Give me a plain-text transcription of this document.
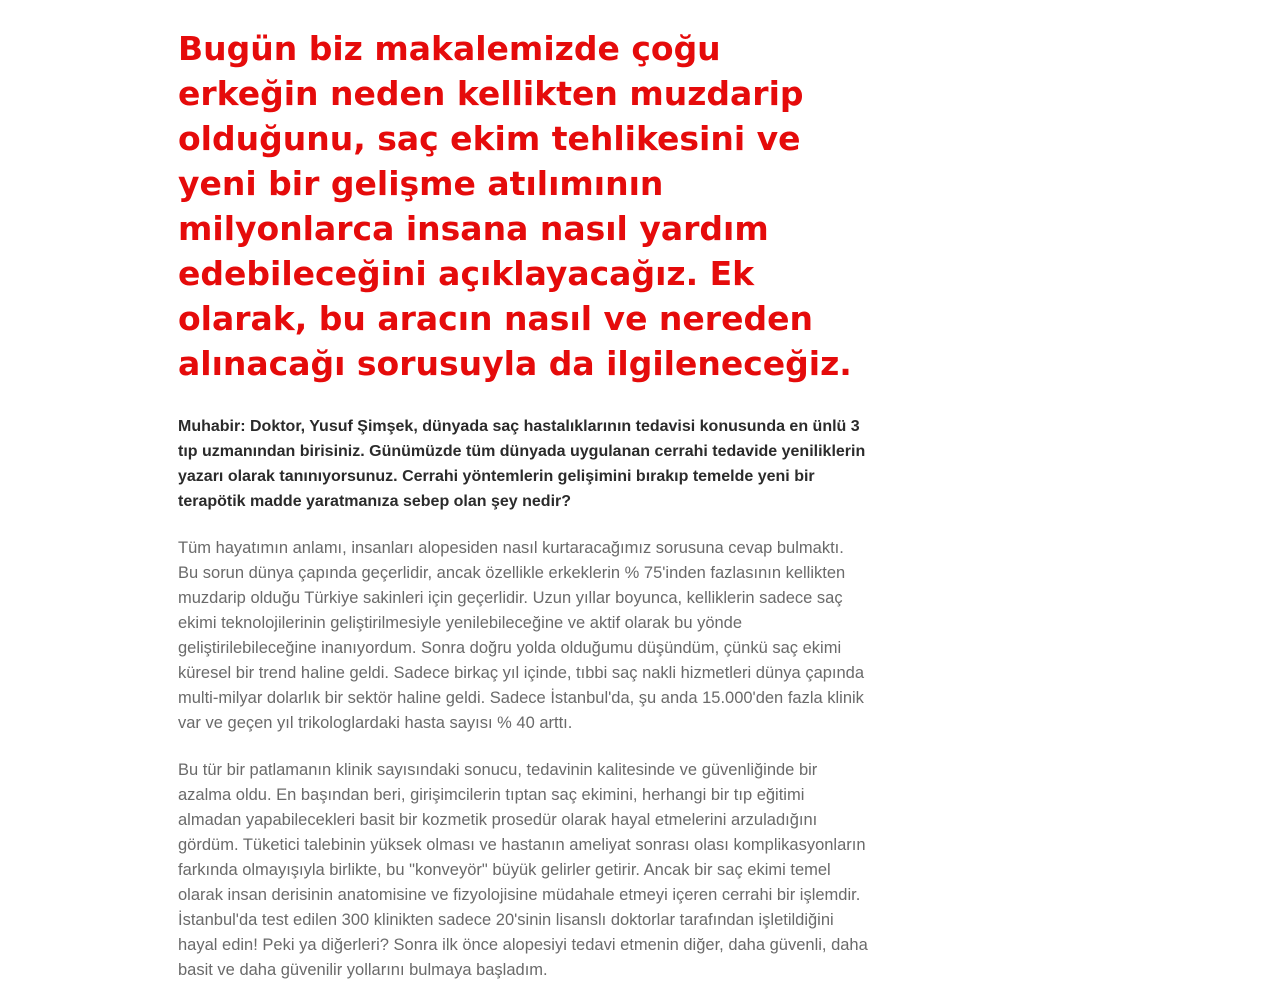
Bugün biz makalemizde çoğu erkeğin neden kellikten muzdarip olduğunu, saç ekim tehlikesini ve yeni bir gelişme atılımının milyonlarca insana nasıl yardım edebileceğini açıklayacağız. Ek olarak, bu aracın nasıl ve nereden alınacağı sorusuyla da ilgileneceğiz.

Muhabir: Doktor, Yusuf Şimşek, dünyada saç hastalıklarının tedavisi konusunda en ünlü 3 tıp uzmanından birisiniz. Günümüzde tüm dünyada uygulanan cerrahi tedavide yeniliklerin yazarı olarak tanınıyorsunuz. Cerrahi yöntemlerin gelişimini bırakıp temelde yeni bir terapötik madde yaratmanıza sebep olan şey nedir?

Tüm hayatımın anlamı, insanları alopesiden nasıl kurtaracağımız sorusuna cevap bulmaktı. Bu sorun dünya çapında geçerlidir, ancak özellikle erkeklerin % 75'inden fazlasının kellikten muzdarip olduğu Türkiye sakinleri için geçerlidir. Uzun yıllar boyunca, kelliklerin sadece saç ekimi teknolojilerinin geliştirilmesiyle yenilebileceğine ve aktif olarak bu yönde geliştirilebileceğine inanıyordum. Sonra doğru yolda olduğumu düşündüm, çünkü saç ekimi küresel bir trend haline geldi. Sadece birkaç yıl içinde, tıbbi saç nakli hizmetleri dünya çapında multi-milyar dolarlık bir sektör haline geldi. Sadece İstanbul'da, şu anda 15.000'den fazla klinik var ve geçen yıl trikologlardaki hasta sayısı % 40 arttı.

Bu tür bir patlamanın klinik sayısındaki sonucu, tedavinin kalitesinde ve güvenliğinde bir azalma oldu. En başından beri, girişimcilerin tıptan saç ekimini, herhangi bir tıp eğitimi almadan yapabilecekleri basit bir kozmetik prosedür olarak hayal etmelerini arzuladığını gördüm. Tüketici talebinin yüksek olması ve hastanın ameliyat sonrası olası komplikasyonların farkında olmayışıyla birlikte, bu "konveyör" büyük gelirler getirir. Ancak bir saç ekimi temel olarak insan derisinin anatomisine ve fizyolojisine müdahale etmeyi içeren cerrahi bir işlemdir. İstanbul'da test edilen 300 klinikten sadece 20'sinin lisanslı doktorlar tarafından işletildiğini hayal edin! Peki ya diğerleri? Sonra ilk önce alopesiyi tedavi etmenin diğer, daha güvenli, daha basit ve daha güvenilir yollarını bulmaya başladım.
